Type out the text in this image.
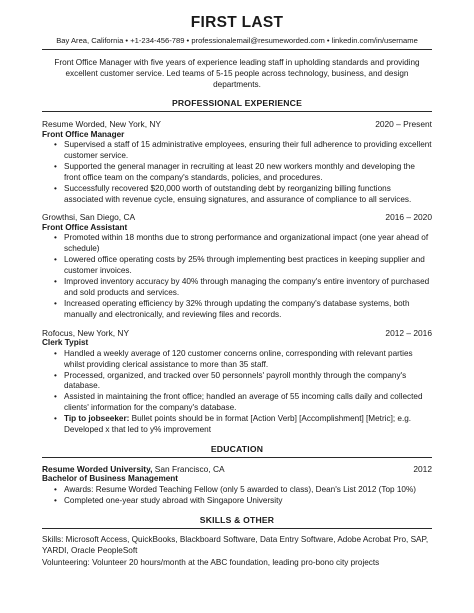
FIRST LAST
Bay Area, California • +1-234-456-789 • professionalemail@resumeworded.com • linkedin.com/in/username
Front Office Manager with five years of experience leading staff in upholding standards and providing excellent customer service. Led teams of 5-15 people across technology, business, and design departments.
PROFESSIONAL EXPERIENCE
Resume Worded, New York, NY	2020 – Present
Front Office Manager
• Supervised a staff of 15 administrative employees, ensuring their full adherence to providing excellent customer service.
• Supported the general manager in recruiting at least 20 new workers monthly and developing the front office team on the company's standards, policies, and procedures.
• Successfully recovered $20,000 worth of outstanding debt by reorganizing billing functions associated with revenue cycle, ensuing signatures, and assurance of compliance to all services.
Growthsi, San Diego, CA	2016 – 2020
Front Office Assistant
• Promoted within 18 months due to strong performance and organizational impact (one year ahead of schedule)
• Lowered office operating costs by 25% through implementing best practices in keeping supplier and customer invoices.
• Improved inventory accuracy by 40% through managing the company's entire inventory of purchased and sold products and services.
• Increased operating efficiency by 32% through updating the company's database systems, both manually and electronically, and reviewing files and records.
Rofocus, New York, NY	2012 – 2016
Clerk Typist
• Handled a weekly average of 120 customer concerns online, corresponding with relevant parties whilst providing clerical assistance to more than 35 staff.
• Processed, organized, and tracked over 50 personnels' payroll monthly through the company's database.
• Assisted in maintaining the front office; handled an average of 55 incoming calls daily and collected clients' information for the company's database.
• Tip to jobseeker: Bullet points should be in format [Action Verb] [Accomplishment] [Metric]; e.g. Developed x that led to y% improvement
EDUCATION
Resume Worded University, San Francisco, CA	2012
Bachelor of Business Management
• Awards: Resume Worded Teaching Fellow (only 5 awarded to class), Dean's List 2012 (Top 10%)
• Completed one-year study abroad with Singapore University
SKILLS & OTHER
Skills: Microsoft Access, QuickBooks, Blackboard Software, Data Entry Software, Adobe Acrobat Pro, SAP, YARDI, Oracle PeopleSoft
Volunteering: Volunteer 20 hours/month at the ABC foundation, leading pro-bono city projects
